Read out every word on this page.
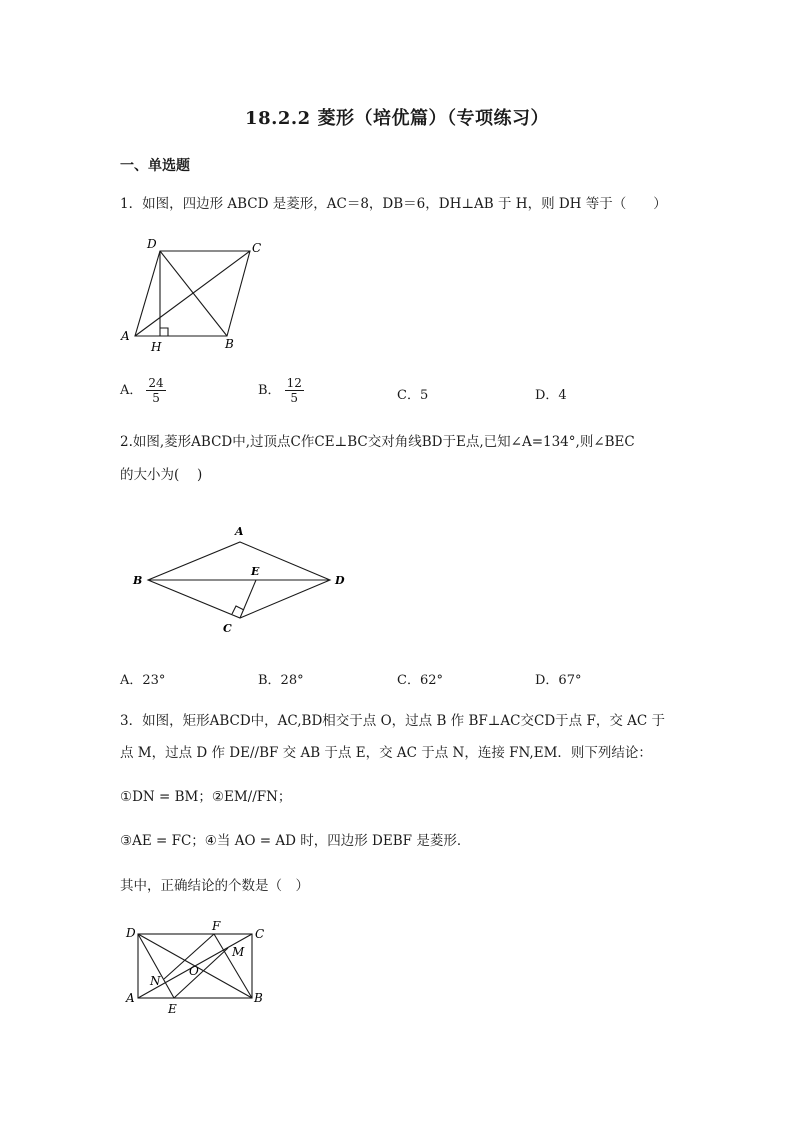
18.2.2 菱形（培优篇）（专项练习）
一、单选题
1．如图，四边形 ABCD 是菱形，AC＝8，DB＝6，DH⊥AB 于 H，则 DH 等于（　　）
D	C
A
B
H
A． $\frac{24}{5}$	B． $\frac{12}{5}$	C．5	D．4
2.如图,菱形ABCD中,过顶点C作CE⊥BC交对角线BD于E点,已知∠A=134°,则∠BEC
的大小为(　 )
A
B	D
E
C
A．23°	B．28°	C．62°	D．67°
3．如图，矩形ABCD中，AC,BD相交于点 O，过点 B 作 BF⊥AC交CD于点 F，交 AC 于
点 M，过点 D 作 DE//BF 交 AB 于点 E，交 AC 于点 N，连接 FN,EM．则下列结论：
①DN = BM；②EM//FN；
③AE = FC；④当 AO = AD 时，四边形 DEBF 是菱形．
其中，正确结论的个数是（　）
D	F
C
M
O
N
A
E
B
